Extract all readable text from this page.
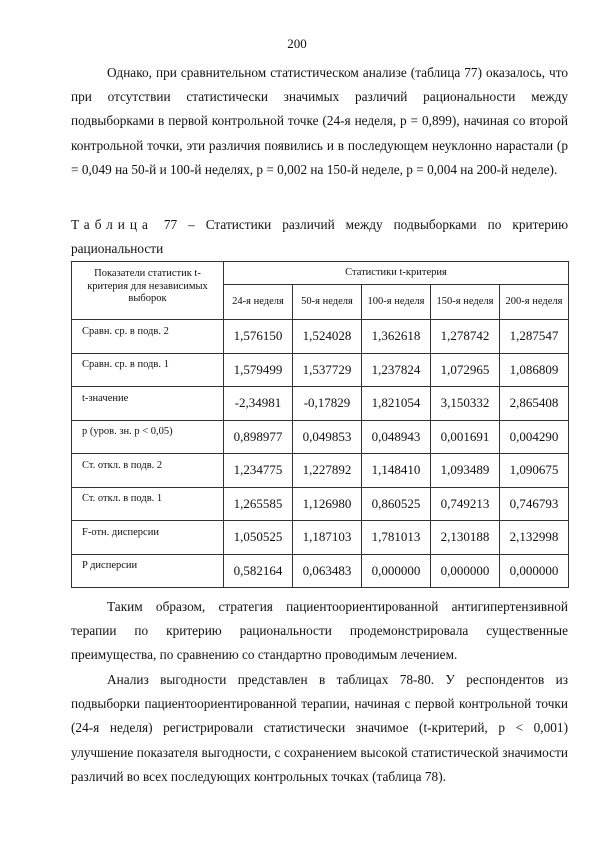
200

Однако, при сравнительном статистическом анализе (таблица 77) оказалось, что при отсутствии статистически значимых различий рациональности между подвыборками в первой контрольной точке (24-я неделя, p = 0,899), начиная со второй контрольной точки, эти различия появились и в последующем неуклонно нарастали (p = 0,049 на 50-й и 100-й неделях, p = 0,002 на 150-й неделе, p = 0,004 на 200-й неделе).

Таблица 77 – Статистики различий между подвыборками по критерию рациональности

Показатели статистик t-критерия для независимых выборок	Статистики t-критерия				
	24-я неделя	50-я неделя	100-я неделя	150-я неделя	200-я неделя
Сравн. ср. в подв. 2	1,576150	1,524028	1,362618	1,278742	1,287547
Сравн. ср. в подв. 1	1,579499	1,537729	1,237824	1,072965	1,086809
t-значение	-2,34981	-0,17829	1,821054	3,150332	2,865408
p (уров. зн. p < 0,05)	0,898977	0,049853	0,048943	0,001691	0,004290
Ст. откл. в подв. 2	1,234775	1,227892	1,148410	1,093489	1,090675
Ст. откл. в подв. 1	1,265585	1,126980	0,860525	0,749213	0,746793
F-отн. дисперсии	1,050525	1,187103	1,781013	2,130188	2,132998
P дисперсии	0,582164	0,063483	0,000000	0,000000	0,000000

Таким образом, стратегия пациентоориентированной антигипертензивной терапии по критерию рациональности продемонстрировала существенные преимущества, по сравнению со стандартно проводимым лечением.

Анализ выгодности представлен в таблицах 78-80. У респондентов из подвыборки пациентоориентированной терапии, начиная с первой контрольной точки (24-я неделя) регистрировали статистически значимое (t-критерий, p < 0,001) улучшение показателя выгодности, с сохранением высокой статистической значимости различий во всех последующих контрольных точках (таблица 78).
